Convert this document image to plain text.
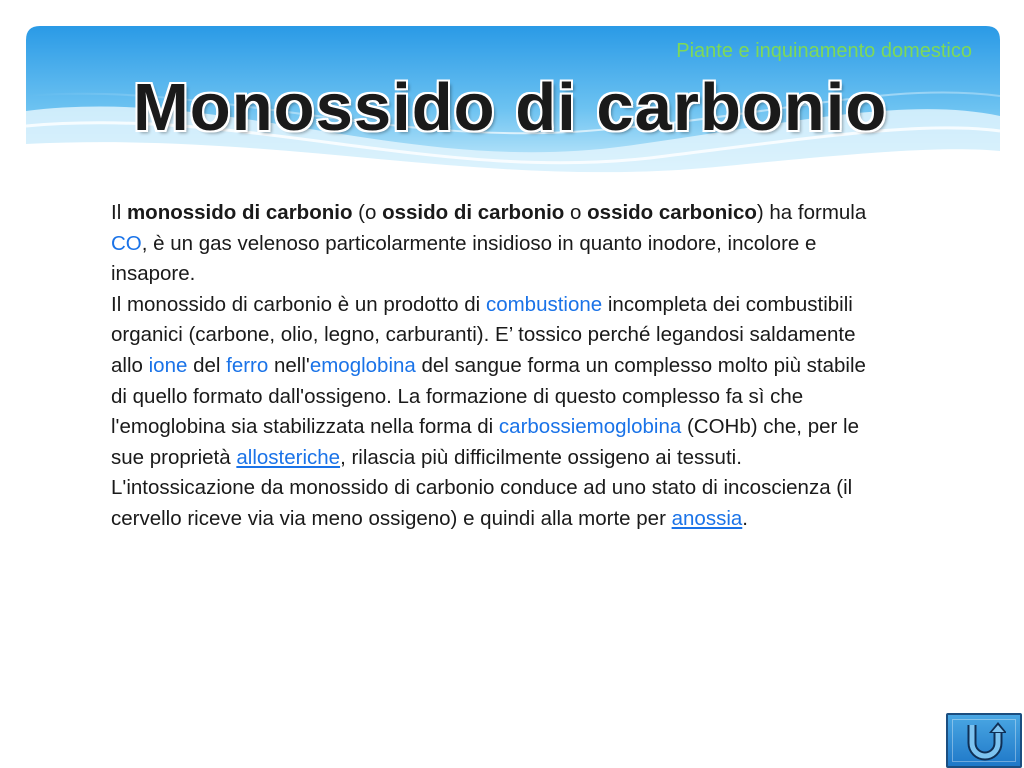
Piante e inquinamento domestico
Monossido di carbonio

Il monossido di carbonio (o ossido di carbonio o ossido carbonico) ha formula CO, è un gas velenoso particolarmente insidioso in quanto inodore, incolore e insapore.

Il monossido di carbonio è un prodotto di combustione incompleta dei combustibili organici (carbone, olio, legno, carburanti). E’ tossico perché legandosi saldamente allo ione del ferro nell'emoglobina del sangue forma un complesso molto più stabile di quello formato dall'ossigeno. La formazione di questo complesso fa sì che l'emoglobina sia stabilizzata nella forma di carbossiemoglobina (COHb) che, per le sue proprietà allosteriche, rilascia più difficilmente ossigeno ai tessuti. L'intossicazione da monossido di carbonio conduce ad uno stato di incoscienza (il cervello riceve via via meno ossigeno) e quindi alla morte per anossia.
